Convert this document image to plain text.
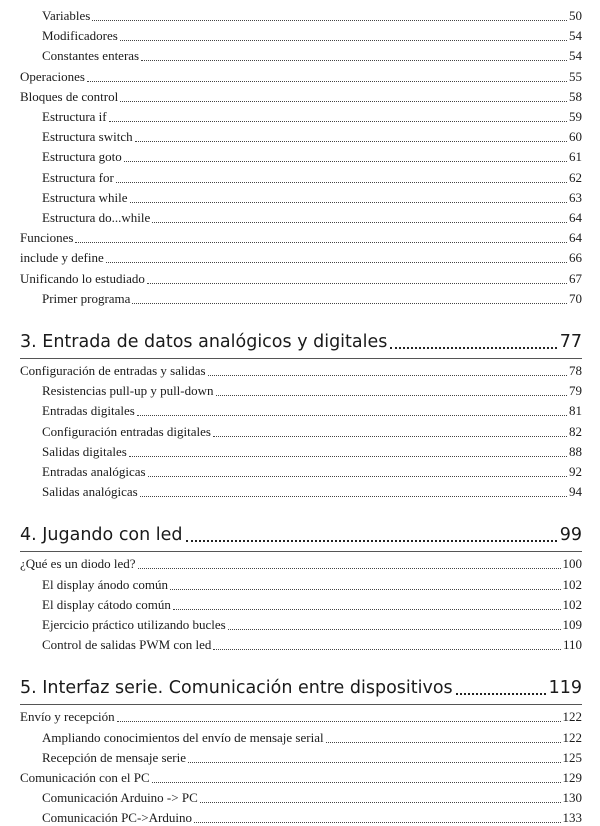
Variables	50
Modificadores	54
Constantes enteras	54
Operaciones	55
Bloques de control	58
Estructura if	59
Estructura switch	60
Estructura goto	61
Estructura for	62
Estructura while	63
Estructura do...while	64
Funciones	64
include y define	66
Unificando lo estudiado	67
Primer programa	70
3. Entrada de datos analógicos y digitales	77
Configuración de entradas y salidas	78
Resistencias pull-up y pull-down	79
Entradas digitales	81
Configuración entradas digitales	82
Salidas digitales	88
Entradas analógicas	92
Salidas analógicas	94
4. Jugando con led	99
¿Qué es un diodo led?	100
El display ánodo común	102
El display cátodo común	102
Ejercicio práctico utilizando bucles	109
Control de salidas PWM con led	110
5. Interfaz serie. Comunicación entre dispositivos	119
Envío y recepción	122
Ampliando conocimientos del envío de mensaje serial	122
Recepción de mensaje serie	125
Comunicación con el PC	129
Comunicación Arduino -> PC	130
Comunicación PC->Arduino	133
